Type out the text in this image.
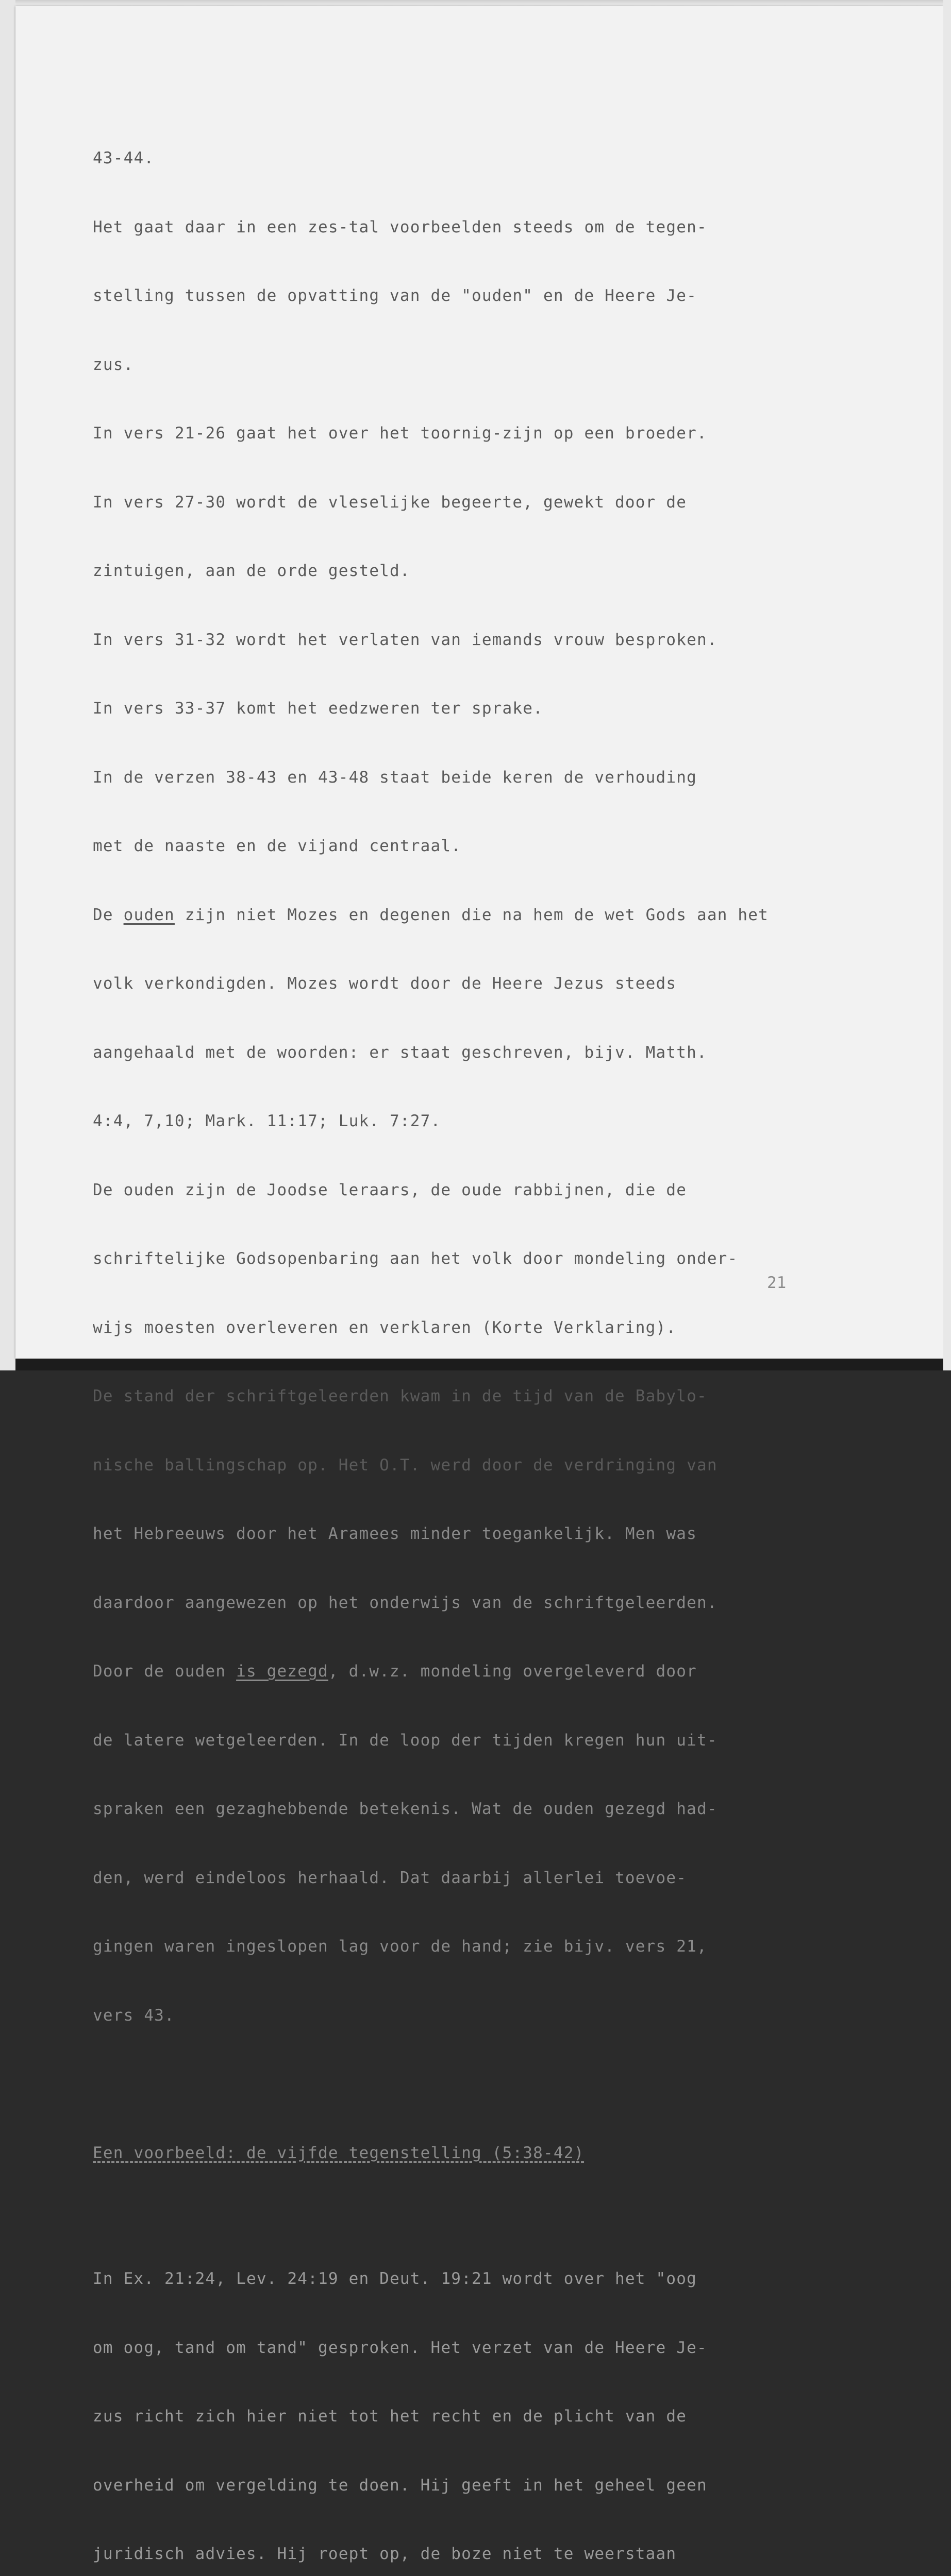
43-44.

Het gaat daar in een zes-tal voorbeelden steeds om de tegen-

stelling tussen de opvatting van de "ouden" en de Heere Je-

zus.

In vers 21-26 gaat het over het toornig-zijn op een broeder.

In vers 27-30 wordt de vleselijke begeerte, gewekt door de

zintuigen, aan de orde gesteld.

In vers 31-32 wordt het verlaten van iemands vrouw besproken.

In vers 33-37 komt het eedzweren ter sprake.

In de verzen 38-43 en 43-48 staat beide keren de verhouding

met de naaste en de vijand centraal.

De ouden zijn niet Mozes en degenen die na hem de wet Gods aan het

volk verkondigden. Mozes wordt door de Heere Jezus steeds

aangehaald met de woorden: er staat geschreven, bijv. Matth.

4:4, 7,10; Mark. 11:17; Luk. 7:27.

De ouden zijn de Joodse leraars, de oude rabbijnen, die de

schriftelijke Godsopenbaring aan het volk door mondeling onder-

wijs moesten overleveren en verklaren (Korte Verklaring).

De stand der schriftgeleerden kwam in de tijd van de Babylo-

nische ballingschap op. Het O.T. werd door de verdringing van

het Hebreeuws door het Aramees minder toegankelijk. Men was

daardoor aangewezen op het onderwijs van de schriftgeleerden.

Door de ouden is gezegd, d.w.z. mondeling overgeleverd door

de latere wetgeleerden. In de loop der tijden kregen hun uit-

spraken een gezaghebbende betekenis. Wat de ouden gezegd had-

den, werd eindeloos herhaald. Dat daarbij allerlei toevoe-

gingen waren ingeslopen lag voor de hand; zie bijv. vers 21,

vers 43.

Een voorbeeld: de vijfde tegenstelling (5:38-42)

In Ex. 21:24, Lev. 24:19 en Deut. 19:21 wordt over het "oog

om oog, tand om tand" gesproken. Het verzet van de Heere Je-

zus richt zich hier niet tot het recht en de plicht van de

overheid om vergelding te doen. Hij geeft in het geheel geen

juridisch advies. Hij roept op, de boze niet te weerstaan

21
